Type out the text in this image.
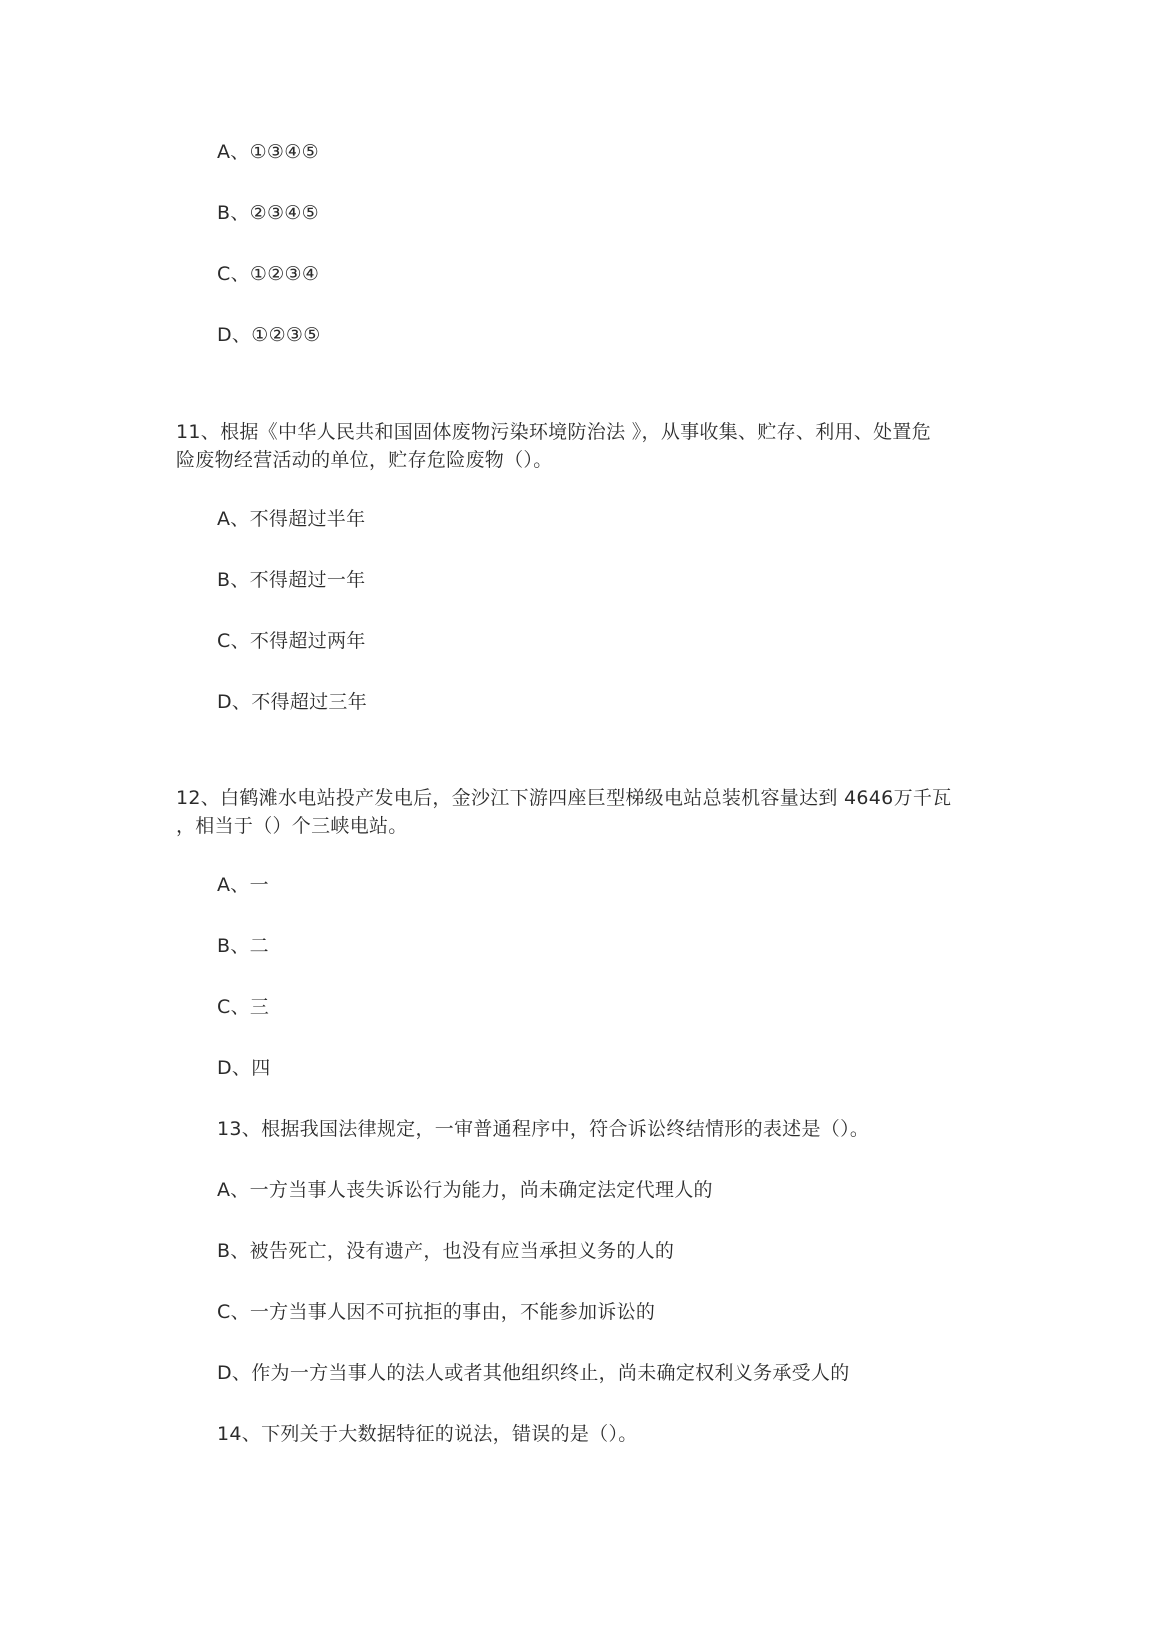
A、①③④⑤
B、②③④⑤
C、①②③④
D、①②③⑤
11、根据《中华人民共和国固体废物污染环境防治法 》，从事收集、贮存、利用、处置危
险废物经营活动的单位，贮存危险废物（）。
A、不得超过半年
B、不得超过一年
C、不得超过两年
D、不得超过三年
12、白鹤滩水电站投产发电后，金沙江下游四座巨型梯级电站总装机容量达到 4646万千瓦
，相当于（）个三峡电站。
A、一
B、二
C、三
D、四
13、根据我国法律规定，一审普通程序中，符合诉讼终结情形的表述是（）。
A、一方当事人丧失诉讼行为能力，尚未确定法定代理人的
B、被告死亡，没有遗产，也没有应当承担义务的人的
C、一方当事人因不可抗拒的事由，不能参加诉讼的
D、作为一方当事人的法人或者其他组织终止，尚未确定权利义务承受人的
14、下列关于大数据特征的说法，错误的是（）。
